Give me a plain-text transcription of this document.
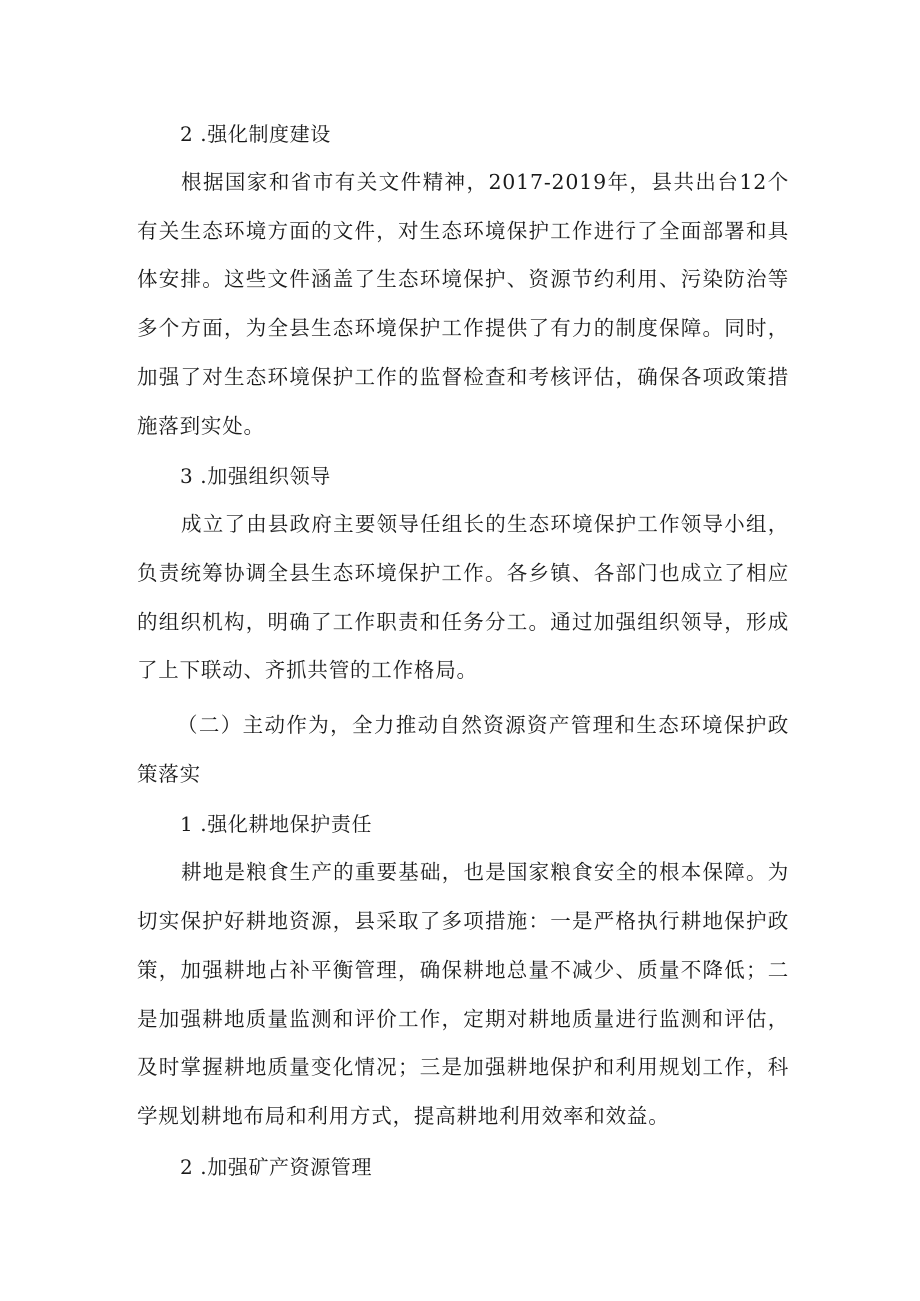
2 .强化制度建设

根据国家和省市有关文件精神，2017-2019年，县共出台12个有关生态环境方面的文件，对生态环境保护工作进行了全面部署和具体安排。这些文件涵盖了生态环境保护、资源节约利用、污染防治等多个方面，为全县生态环境保护工作提供了有力的制度保障。同时，加强了对生态环境保护工作的监督检查和考核评估，确保各项政策措施落到实处。

3 .加强组织领导

成立了由县政府主要领导任组长的生态环境保护工作领导小组，负责统筹协调全县生态环境保护工作。各乡镇、各部门也成立了相应的组织机构，明确了工作职责和任务分工。通过加强组织领导，形成了上下联动、齐抓共管的工作格局。

（二）主动作为，全力推动自然资源资产管理和生态环境保护政策落实

1 .强化耕地保护责任

耕地是粮食生产的重要基础，也是国家粮食安全的根本保障。为切实保护好耕地资源，县采取了多项措施：一是严格执行耕地保护政策，加强耕地占补平衡管理，确保耕地总量不减少、质量不降低；二是加强耕地质量监测和评价工作，定期对耕地质量进行监测和评估，及时掌握耕地质量变化情况；三是加强耕地保护和利用规划工作，科学规划耕地布局和利用方式，提高耕地利用效率和效益。

2 .加强矿产资源管理
